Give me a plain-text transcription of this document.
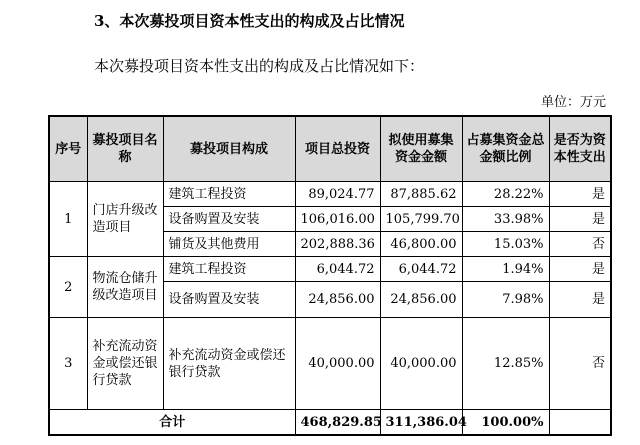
3、本次募投项目资本性支出的构成及占比情况
本次募投项目资本性支出的构成及占比情况如下：
单位：万元
序号	募投项目名称	募投项目构成	项目总投资	拟使用募集资金金额	占募集资金总金额比例	是否为资本性支出
1	门店升级改造项目	建筑工程投资	89,024.77	87,885.62	28.22%	是
		设备购置及安装	106,016.00	105,799.70	33.98%	是
		铺货及其他费用	202,888.36	46,800.00	15.03%	否
2	物流仓储升级改造项目	建筑工程投资	6,044.72	6,044.72	1.94%	是
		设备购置及安装	24,856.00	24,856.00	7.98%	是
3	补充流动资金或偿还银行贷款	补充流动资金或偿还银行贷款	40,000.00	40,000.00	12.85%	否
合计			468,829.85	311,386.04	100.00%	
